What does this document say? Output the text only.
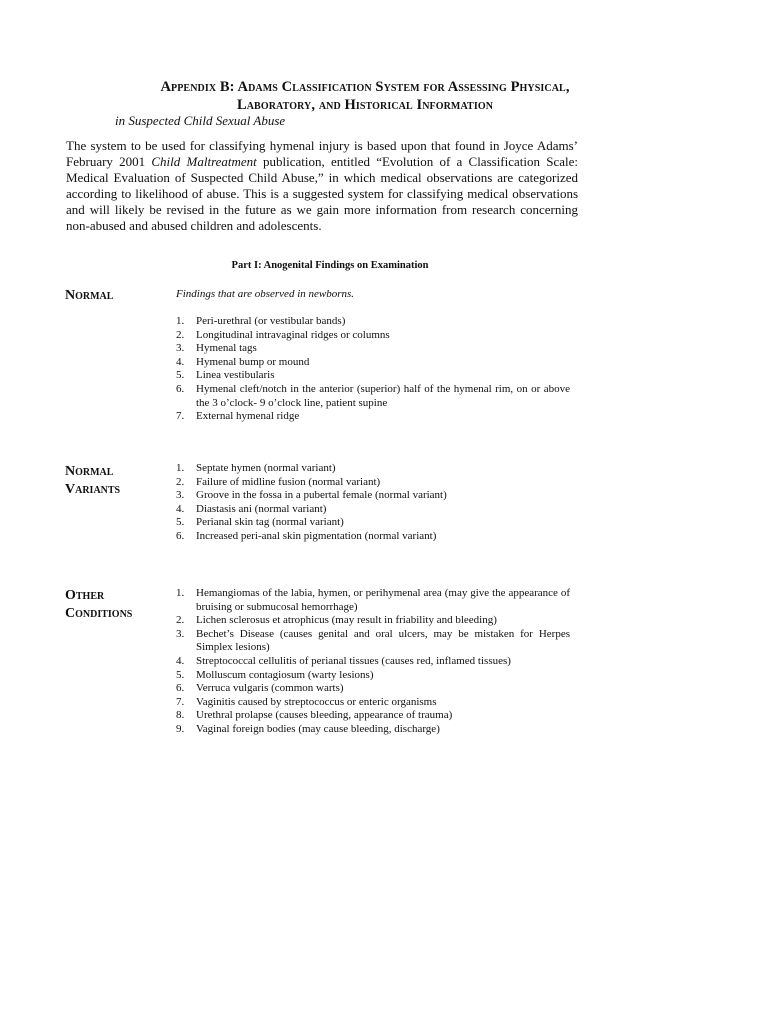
Appendix B: Adams Classification System for Assessing Physical,
Laboratory, and Historical Information
in Suspected Child Sexual Abuse

The system to be used for classifying hymenal injury is based upon that found in Joyce Adams’ February 2001 Child Maltreatment publication, entitled “Evolution of a Classification Scale: Medical Evaluation of Suspected Child Abuse,” in which medical observations are categorized according to likelihood of abuse. This is a suggested system for classifying medical observations and will likely be revised in the future as we gain more information from research concerning non-abused and abused children and adolescents.

Part I: Anogenital Findings on Examination
Normal	Findings that are observed in newborns.
1. Peri-urethral (or vestibular bands)
2. Longitudinal intravaginal ridges or columns
3. Hymenal tags
4. Hymenal bump or mound
5. Linea vestibularis
6. Hymenal cleft/notch in the anterior (superior) half of the hymenal rim, on or above the 3 o’clock- 9 o’clock line, patient supine
7. External hymenal ridge
Normal
Variants
1. Septate hymen (normal variant)
2. Failure of midline fusion (normal variant)
3. Groove in the fossa in a pubertal female (normal variant)
4. Diastasis ani (normal variant)
5. Perianal skin tag (normal variant)
6. Increased peri-anal skin pigmentation (normal variant)
Other
Conditions
1. Hemangiomas of the labia, hymen, or perihymenal area (may give the appearance of bruising or submucosal hemorrhage)
2. Lichen sclerosus et atrophicus (may result in friability and bleeding)
3. Bechet’s Disease (causes genital and oral ulcers, may be mistaken for Herpes Simplex lesions)
4. Streptococcal cellulitis of perianal tissues (causes red, inflamed tissues)
5. Molluscum contagiosum (warty lesions)
6. Verruca vulgaris (common warts)
7. Vaginitis caused by streptococcus or enteric organisms
8. Urethral prolapse (causes bleeding, appearance of trauma)
9. Vaginal foreign bodies (may cause bleeding, discharge)
